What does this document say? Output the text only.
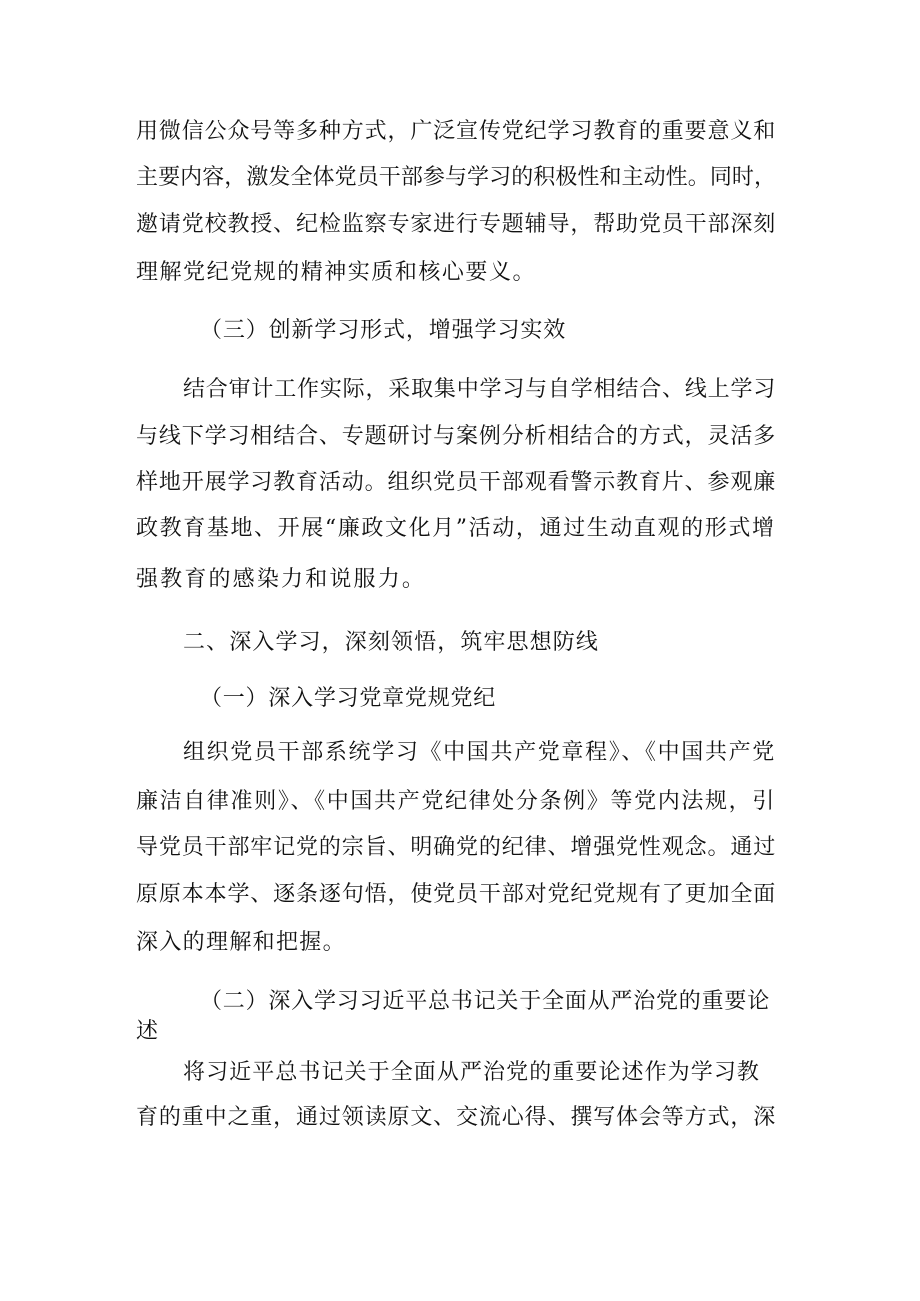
用微信公众号等多种方式，广泛宣传党纪学习教育的重要意义和
主要内容，激发全体党员干部参与学习的积极性和主动性。同时，
邀请党校教授、纪检监察专家进行专题辅导，帮助党员干部深刻
理解党纪党规的精神实质和核心要义。
（三）创新学习形式，增强学习实效
结合审计工作实际，采取集中学习与自学相结合、线上学习
与线下学习相结合、专题研讨与案例分析相结合的方式，灵活多
样地开展学习教育活动。组织党员干部观看警示教育片、参观廉
政教育基地、开展“廉政文化月”活动，通过生动直观的形式增
强教育的感染力和说服力。
二、深入学习，深刻领悟，筑牢思想防线
（一）深入学习党章党规党纪
组织党员干部系统学习《中国共产党章程》、《中国共产党
廉洁自律准则》、《中国共产党纪律处分条例》等党内法规，引
导党员干部牢记党的宗旨、明确党的纪律、增强党性观念。通过
原原本本学、逐条逐句悟，使党员干部对党纪党规有了更加全面
深入的理解和把握。
（二）深入学习习近平总书记关于全面从严治党的重要论
述
将习近平总书记关于全面从严治党的重要论述作为学习教
育的重中之重，通过领读原文、交流心得、撰写体会等方式，深
